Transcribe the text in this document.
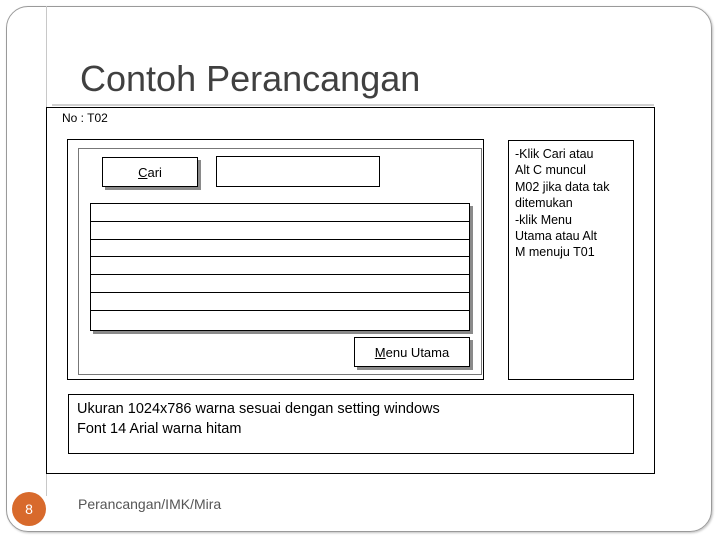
Contoh Perancangan
No : T02
C ari
M enu Utama
-Klik Cari atau
Alt C muncul
M02 jika data tak
ditemukan
-klik Menu
Utama atau Alt
M menuju T01
Ukuran 1024x786 warna sesuai dengan setting windows
Font 14 Arial warna hitam
8	Perancangan/IMK/Mira
